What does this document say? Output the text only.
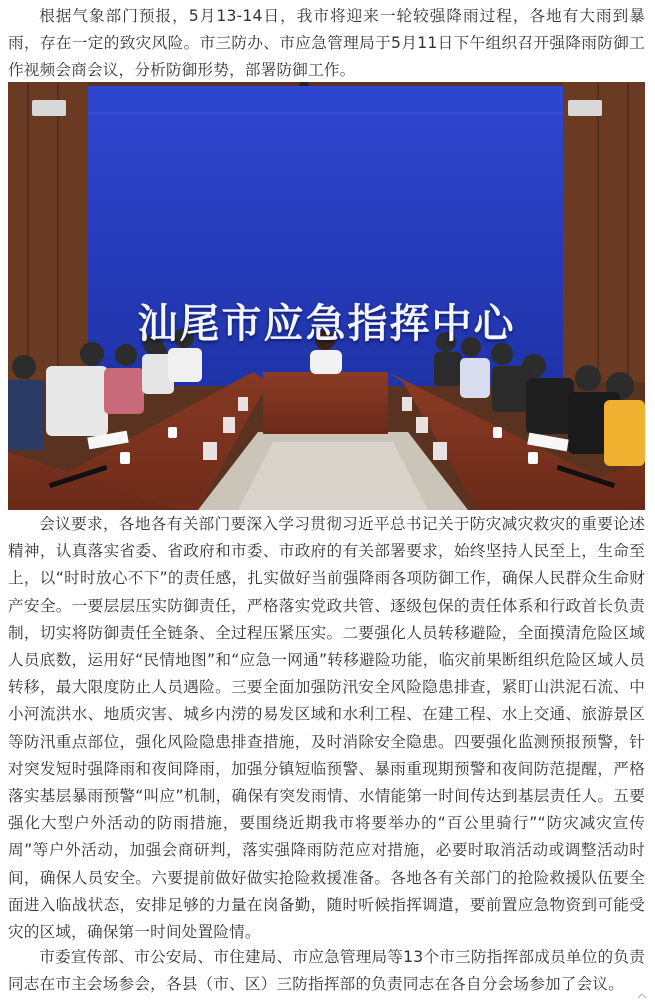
根据气象部门预报，5月13-14日，我市将迎来一轮较强降雨过程，各地有大雨到暴雨，存在一定的致灾风险。市三防办、市应急管理局于5月11日下午组织召开强降雨防御工作视频会商会议，分析防御形势，部署防御工作。

汕尾市应急指挥中心

会议要求，各地各有关部门要深入学习贯彻习近平总书记关于防灾减灾救灾的重要论述精神，认真落实省委、省政府和市委、市政府的有关部署要求，始终坚持人民至上，生命至上，以“时时放心不下”的责任感，扎实做好当前强降雨各项防御工作，确保人民群众生命财产安全。一要层层压实防御责任，严格落实党政共管、逐级包保的责任体系和行政首长负责制，切实将防御责任全链条、全过程压紧压实。二要强化人员转移避险，全面摸清危险区域人员底数，运用好“民情地图”和“应急一网通”转移避险功能，临灾前果断组织危险区域人员转移，最大限度防止人员遇险。三要全面加强防汛安全风险隐患排查，紧盯山洪泥石流、中小河流洪水、地质灾害、城乡内涝的易发区域和水利工程、在建工程、水上交通、旅游景区等防汛重点部位，强化风险隐患排查措施，及时消除安全隐患。四要强化监测预报预警，针对突发短时强降雨和夜间降雨，加强分镇短临预警、暴雨重现期预警和夜间防范提醒，严格落实基层暴雨预警“叫应”机制，确保有突发雨情、水情能第一时间传达到基层责任人。五要强化大型户外活动的防雨措施，要围绕近期我市将要举办的“百公里骑行”“防灾减灾宣传周”等户外活动，加强会商研判，落实强降雨防范应对措施，必要时取消活动或调整活动时间，确保人员安全。六要提前做好做实抢险救援准备。各地各有关部门的抢险救援队伍要全面进入临战状态，安排足够的力量在岗备勤，随时听候指挥调遣，要前置应急物资到可能受灾的区域，确保第一时间处置险情。

市委宣传部、市公安局、市住建局、市应急管理局等13个市三防指挥部成员单位的负责同志在市主会场参会，各县（市、区）三防指挥部的负责同志在各自分会场参加了会议。
